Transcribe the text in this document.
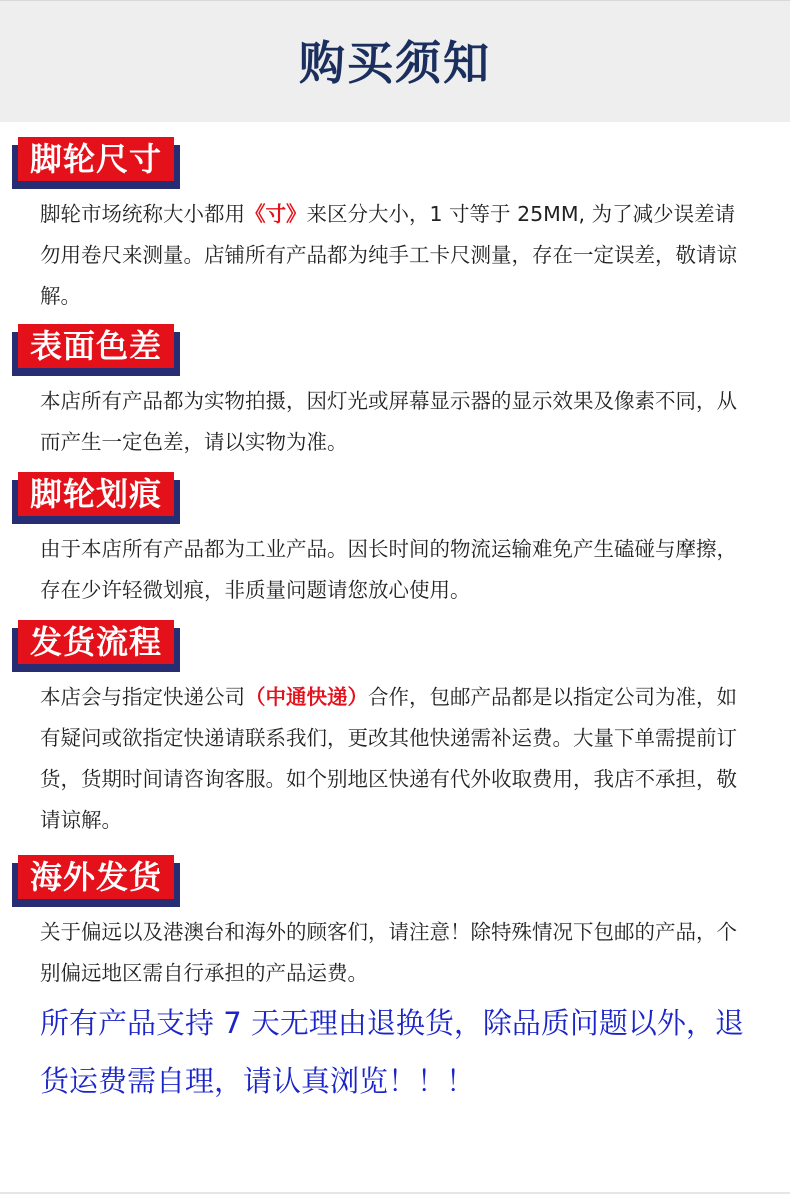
购买须知
脚轮尺寸

脚轮市场统称大小都用《寸》来区分大小，1 寸等于 25MM, 为了减少误差请勿用卷尺来测量。店铺所有产品都为纯手工卡尺测量，存在一定误差，敬请谅解。

表面色差

本店所有产品都为实物拍摄，因灯光或屏幕显示器的显示效果及像素不同，从而产生一定色差，请以实物为准。

脚轮划痕

由于本店所有产品都为工业产品。因长时间的物流运输难免产生磕碰与摩擦，存在少许轻微划痕，非质量问题请您放心使用。

发货流程

本店会与指定快递公司（中通快递）合作，包邮产品都是以指定公司为准，如有疑问或欲指定快递请联系我们，更改其他快递需补运费。大量下单需提前订货，货期时间请咨询客服。如个别地区快递有代外收取费用，我店不承担，敬请谅解。

海外发货

关于偏远以及港澳台和海外的顾客们，请注意！除特殊情况下包邮的产品，个别偏远地区需自行承担的产品运费。

所有产品支持 7 天无理由退换货，除品质问题以外，退货运费需自理，请认真浏览！！！
